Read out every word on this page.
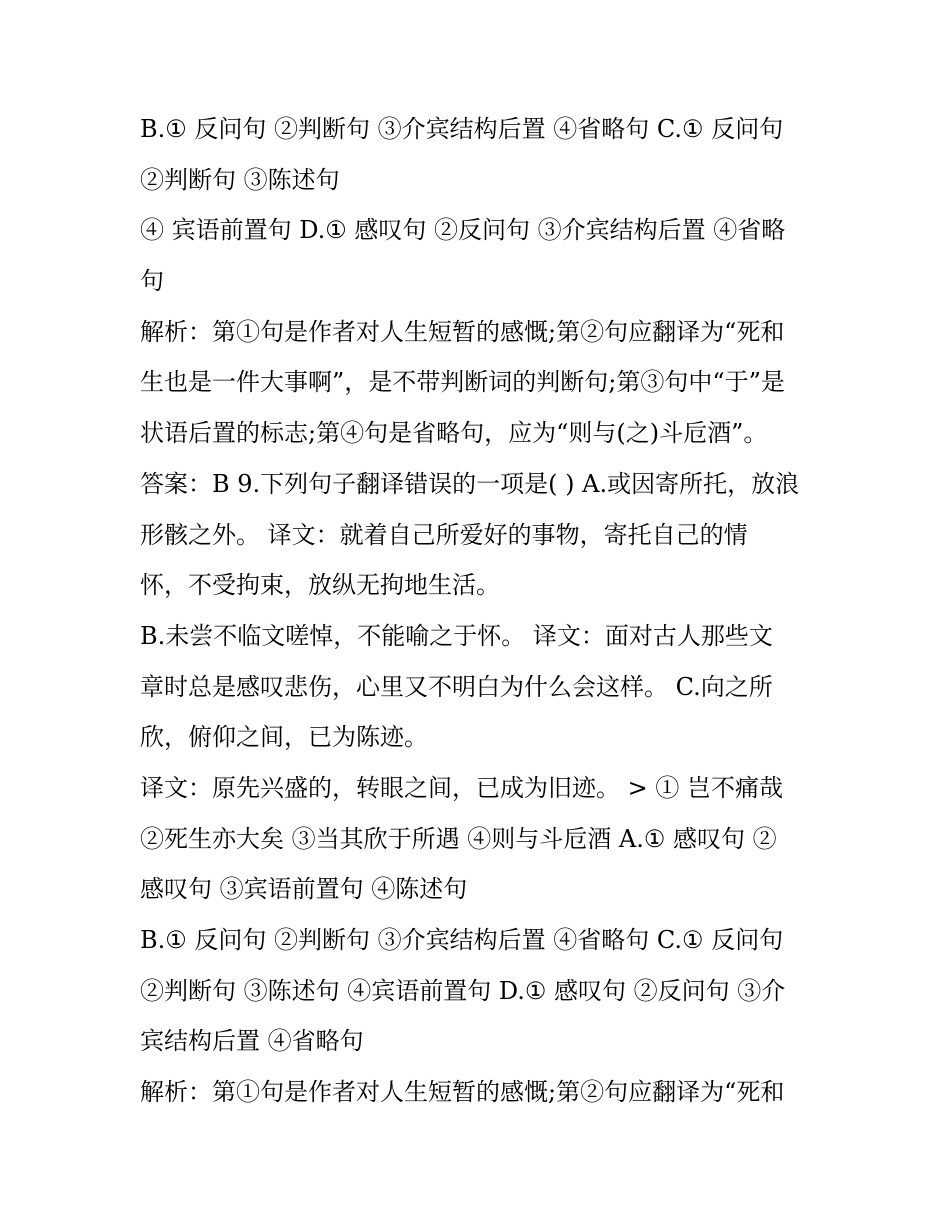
B.① 反问句 ②判断句 ③介宾结构后置 ④省略句 C.① 反问句
②判断句 ③陈述句
④ 宾语前置句 D.① 感叹句 ②反问句 ③介宾结构后置 ④省略
句
解析：第①句是作者对人生短暂的感慨;第②句应翻译为“死和
生也是一件大事啊”，是不带判断词的判断句;第③句中“于”是
状语后置的标志;第④句是省略句，应为“则与(之)斗卮酒”。
答案：B 9.下列句子翻译错误的一项是( ) A.或因寄所托，放浪
形骸之外。 译文：就着自己所爱好的事物，寄托自己的情
怀，不受拘束，放纵无拘地生活。
B.未尝不临文嗟悼，不能喻之于怀。 译文：面对古人那些文
章时总是感叹悲伤，心里又不明白为什么会这样。 C.向之所
欣，俯仰之间，已为陈迹。
译文：原先兴盛的，转眼之间，已成为旧迹。 > ① 岂不痛哉
②死生亦大矣 ③当其欣于所遇 ④则与斗卮酒 A.① 感叹句 ②
感叹句 ③宾语前置句 ④陈述句
B.① 反问句 ②判断句 ③介宾结构后置 ④省略句 C.① 反问句
②判断句 ③陈述句 ④宾语前置句 D.① 感叹句 ②反问句 ③介
宾结构后置 ④省略句
解析：第①句是作者对人生短暂的感慨;第②句应翻译为“死和
